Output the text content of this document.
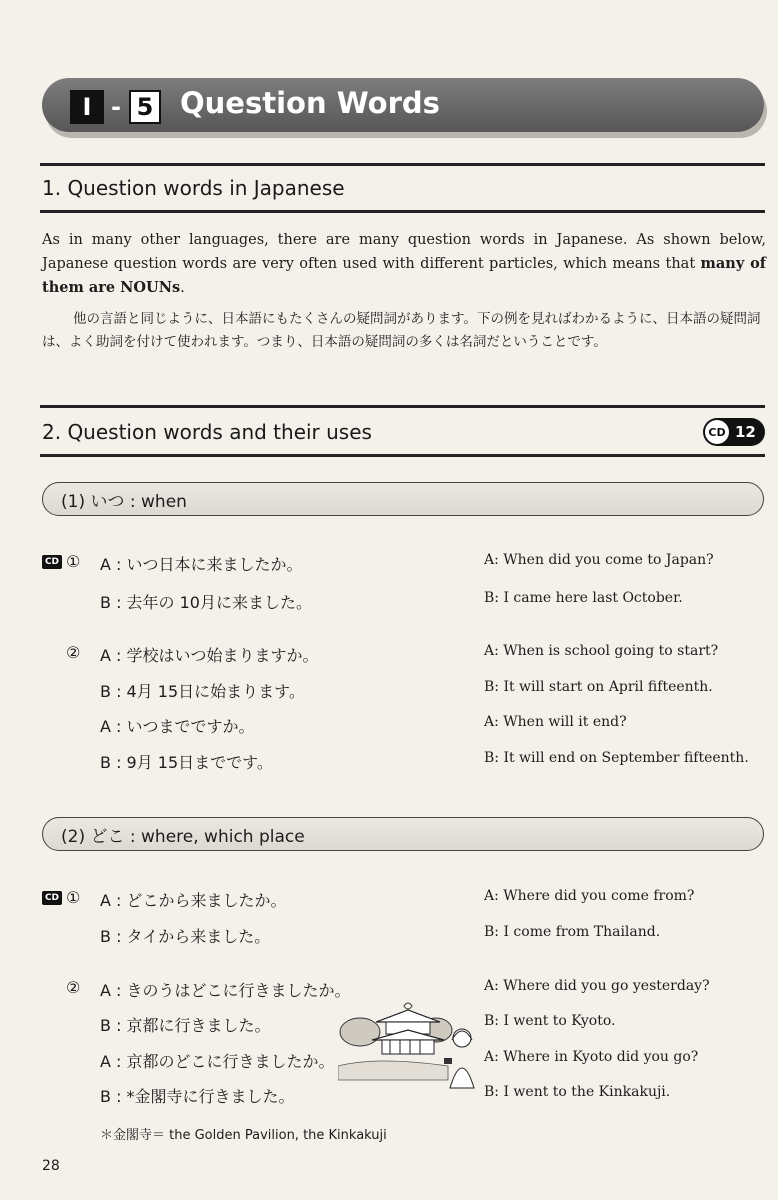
I - 5 Question Words
1. Question words in Japanese
As in many other languages, there are many question words in Japanese. As shown below, Japanese question words are very often used with different particles, which means that many of them are NOUNs.
他の言語と同じように、日本語にもたくさんの疑問詞があります。下の例を見ればわかるように、日本語の疑問詞は、よく助詞を付けて使われます。つまり、日本語の疑問詞の多くは名詞だということです。
2. Question words and their uses	CD 12
(1) いつ : when
CD ① A : いつ日本に来ましたか。	A: When did you come to Japan?
B : 去年の 10月に来ました。	B: I came here last October.
② A : 学校はいつ始まりますか。	A: When is school going to start?
B : 4月 15日に始まります。	B: It will start on April fifteenth.
A : いつまでですか。	A: When will it end?
B : 9月 15日までです。	B: It will end on September fifteenth.
(2) どこ : where, which place
CD ① A : どこから来ましたか。	A: Where did you come from?
B : タイから来ました。	B: I come from Thailand.
② A : きのうはどこに行きましたか。	A: Where did you go yesterday?
B : 京都に行きました。	B: I went to Kyoto.
A : 京都のどこに行きましたか。	A: Where in Kyoto did you go?
B : *金閣寺に行きました。	B: I went to the Kinkakuji.
＊金閣寺＝ the Golden Pavilion, the Kinkakuji
28
